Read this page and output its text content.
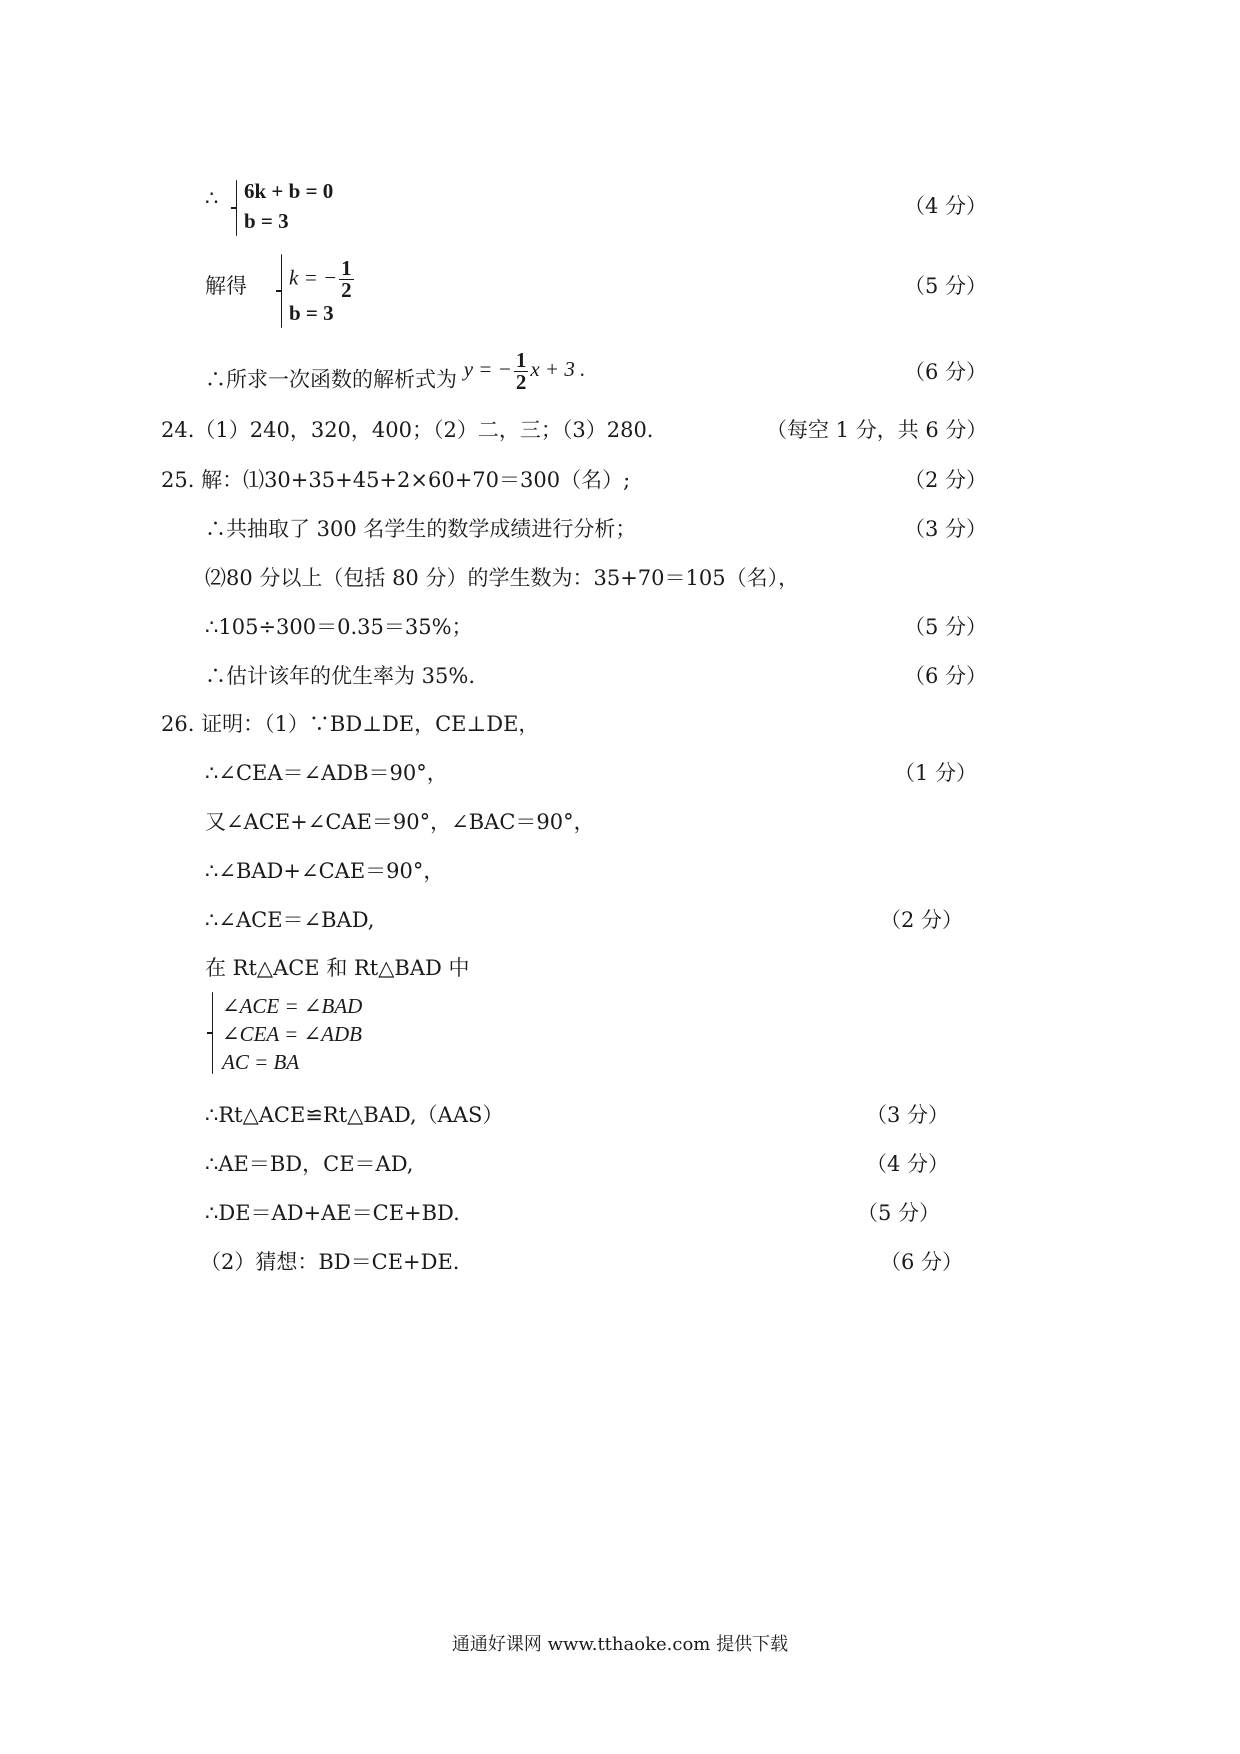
∴ 6k + b = 0
b = 3
（4 分）
解得 k = − $\frac{1}{2}$
b = 3
（5 分）
∴所求一次函数的解析式为 y = − $\frac{1}{2}$ x + 3 .	（6 分）
24.（1）240，320，400；（2）二，三；（3）280.	（每空 1 分，共 6 分）
25. 解：⑴30+35+45+2×60+70＝300（名）;	（2 分）
∴共抽取了 300 名学生的数学成绩进行分析；	（3 分）
⑵80 分以上（包括 80 分）的学生数为：35+70＝105（名），
∴105÷300＝0.35＝35%；	（5 分）
∴估计该年的优生率为 35%.	（6 分）
26. 证明：（1）∵BD⊥DE，CE⊥DE，
∴∠CEA＝∠ADB＝90°，	（1 分）
又∠ACE+∠CAE＝90°，∠BAC＝90°，
∴∠BAD+∠CAE＝90°，
∴∠ACE＝∠BAD,	（2 分）
在 Rt△ACE 和 Rt△BAD 中
∠ACE = ∠BAD
∠CEA = ∠ADB
AC = BA
∴Rt△ACE≌Rt△BAD,（AAS）	（3 分）
∴AE＝BD，CE＝AD,	（4 分）
∴DE＝AD+AE＝CE+BD.	（5 分）
（2）猜想：BD＝CE+DE.	（6 分）
通通好课网 www.tthaoke.com 提供下载
